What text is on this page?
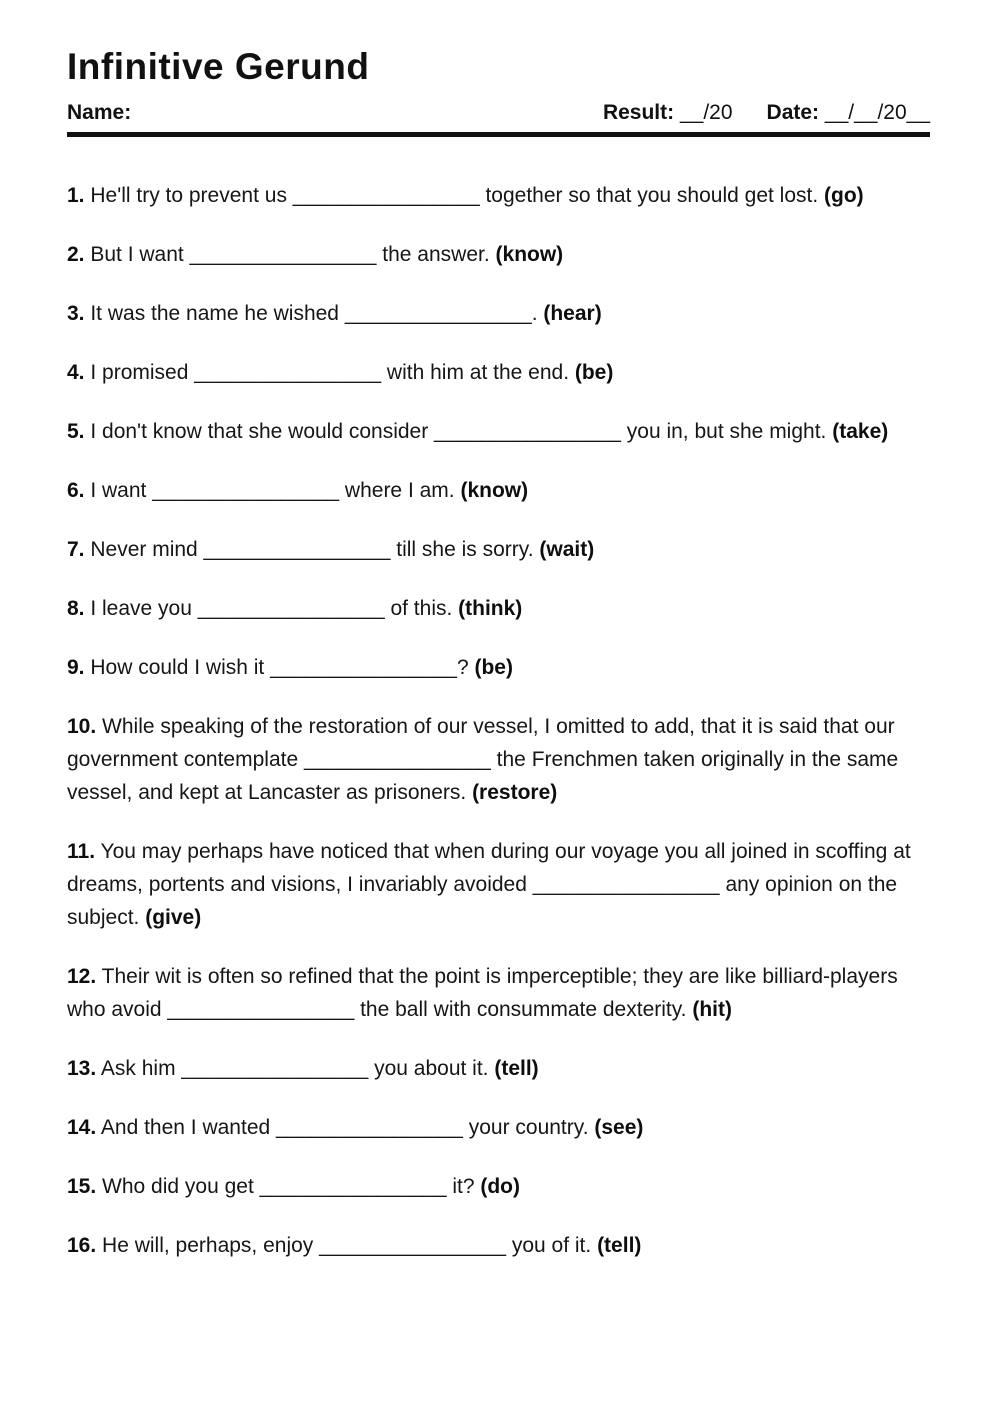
Infinitive Gerund
Name:	Result: __/20 Date: __/__/20__

1. He'll try to prevent us ________________ together so that you should get lost. (go)

2. But I want ________________ the answer. (know)

3. It was the name he wished ________________. (hear)

4. I promised ________________ with him at the end. (be)

5. I don't know that she would consider ________________ you in, but she might. (take)

6. I want ________________ where I am. (know)

7. Never mind ________________ till she is sorry. (wait)

8. I leave you ________________ of this. (think)

9. How could I wish it ________________? (be)

10. While speaking of the restoration of our vessel, I omitted to add, that it is said that our government contemplate ________________ the Frenchmen taken originally in the same vessel, and kept at Lancaster as prisoners. (restore)

11. You may perhaps have noticed that when during our voyage you all joined in scoffing at dreams, portents and visions, I invariably avoided ________________ any opinion on the subject. (give)

12. Their wit is often so refined that the point is imperceptible; they are like billiard-players who avoid ________________ the ball with consummate dexterity. (hit)

13. Ask him ________________ you about it. (tell)

14. And then I wanted ________________ your country. (see)

15. Who did you get ________________ it? (do)

16. He will, perhaps, enjoy ________________ you of it. (tell)
